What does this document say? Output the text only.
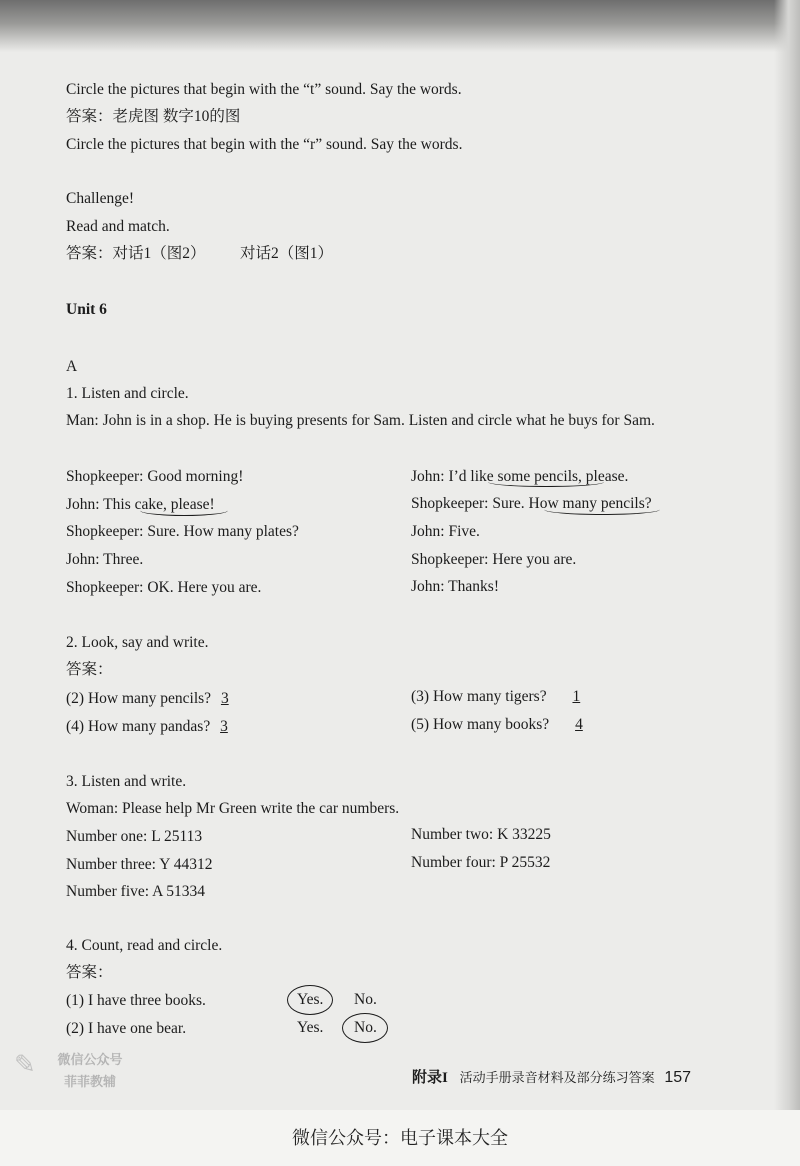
Circle the pictures that begin with the “t” sound. Say the words.
答案：老虎图 数字10的图
Circle the pictures that begin with the “r” sound. Say the words.
Challenge!
Read and match.
答案：对话1（图2） 对话2（图1）
Unit 6
A
1. Listen and circle.
Man: John is in a shop. He is buying presents for Sam. Listen and circle what he buys for Sam.
Shopkeeper: Good morning!
John: This cake, please!
Shopkeeper: Sure. How many plates?
John: Three.
Shopkeeper: OK. Here you are.
John: I’d like some pencils, please.
Shopkeeper: Sure. How many pencils?
John: Five.
Shopkeeper: Here you are.
John: Thanks!
2. Look, say and write.
答案：
(2) How many pencils? 3	(3) How many tigers? 1
(4) How many pandas? 3	(5) How many books? 4
3. Listen and write.
Woman: Please help Mr Green write the car numbers.
Number one: L 25113	Number two: K 33225
Number three: Y 44312	Number four: P 25532
Number five: A 51334
4. Count, read and circle.
答案：
(1) I have three books.	Yes. No.
(2) I have one bear.	Yes. No.
附录I 活动手册录音材料及部分练习答案 157
✎	微信公众号
菲菲教辅
微信公众号：电子课本大全
